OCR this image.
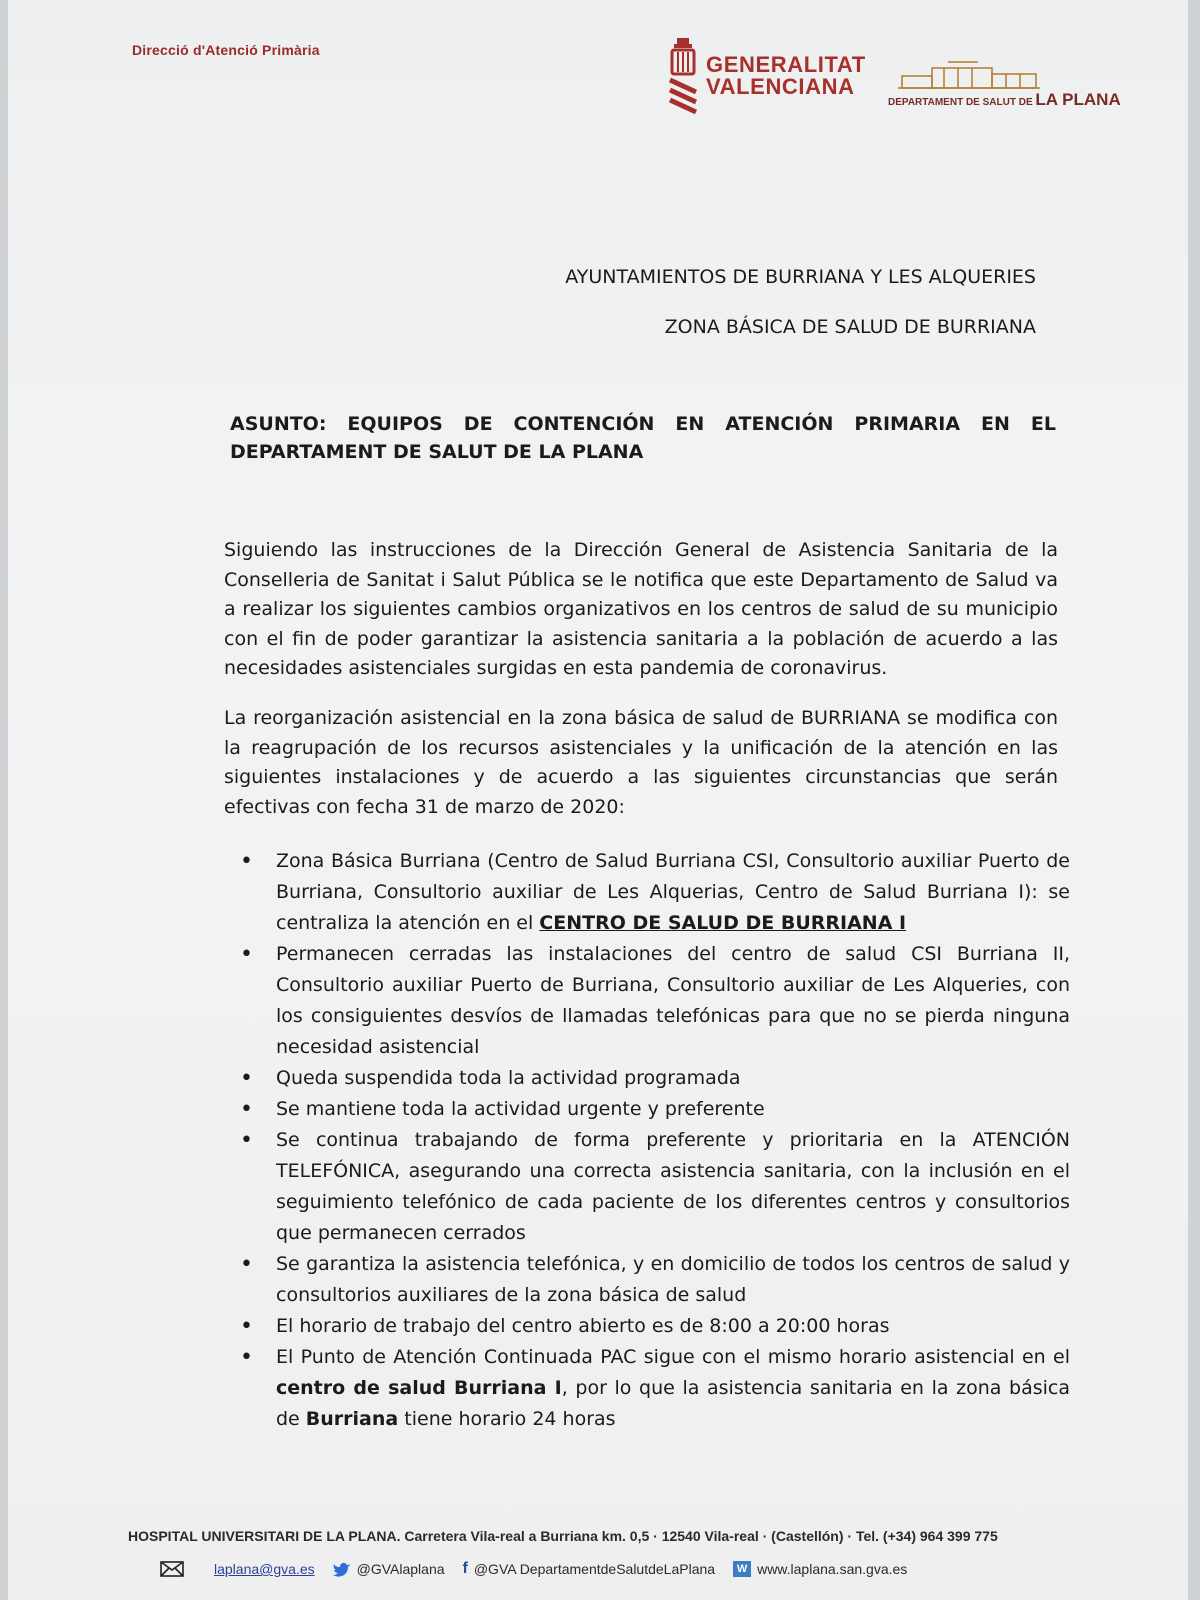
Direcció d'Atenció Primària
GENERALITAT
VALENCIANA
DEPARTAMENT DE SALUT DE LA PLANA
AYUNTAMIENTOS DE BURRIANA Y LES ALQUERIES
ZONA BÁSICA DE SALUD DE BURRIANA
ASUNTO: EQUIPOS DE CONTENCIÓN EN ATENCIÓN PRIMARIA EN EL DEPARTAMENT DE SALUT DE LA PLANA
Siguiendo las instrucciones de la Dirección General de Asistencia Sanitaria de la Conselleria de Sanitat i Salut Pública se le notifica que este Departamento de Salud va a realizar los siguientes cambios organizativos en los centros de salud de su municipio con el fin de poder garantizar la asistencia sanitaria a la población de acuerdo a las necesidades asistenciales surgidas en esta pandemia de coronavirus.
La reorganización asistencial en la zona básica de salud de BURRIANA se modifica con la reagrupación de los recursos asistenciales y la unificación de la atención en las siguientes instalaciones y de acuerdo a las siguientes circunstancias que serán efectivas con fecha 31 de marzo de 2020:
• Zona Básica Burriana (Centro de Salud Burriana CSI, Consultorio auxiliar Puerto de Burriana, Consultorio auxiliar de Les Alquerias, Centro de Salud Burriana I): se centraliza la atención en el CENTRO DE SALUD DE BURRIANA I
• Permanecen cerradas las instalaciones del centro de salud CSI Burriana II, Consultorio auxiliar Puerto de Burriana, Consultorio auxiliar de Les Alqueries, con los consiguientes desvíos de llamadas telefónicas para que no se pierda ninguna necesidad asistencial
• Queda suspendida toda la actividad programada
• Se mantiene toda la actividad urgente y preferente
• Se continua trabajando de forma preferente y prioritaria en la ATENCIÓN TELEFÓNICA, asegurando una correcta asistencia sanitaria, con la inclusión en el seguimiento telefónico de cada paciente de los diferentes centros y consultorios que permanecen cerrados
• Se garantiza la asistencia telefónica, y en domicilio de todos los centros de salud y consultorios auxiliares de la zona básica de salud
• El horario de trabajo del centro abierto es de 8:00 a 20:00 horas
• El Punto de Atención Continuada PAC sigue con el mismo horario asistencial en el centro de salud Burriana I, por lo que la asistencia sanitaria en la zona básica de Burriana tiene horario 24 horas
HOSPITAL UNIVERSITARI DE LA PLANA. Carretera Vila-real a Burriana km. 0,5 · 12540 Vila-real · (Castellón) · Tel. (+34) 964 399 775
laplana@gva.es	@GVAlaplana f @GVA DepartamentdeSalutdeLaPlana	W www.laplana.san.gva.es
